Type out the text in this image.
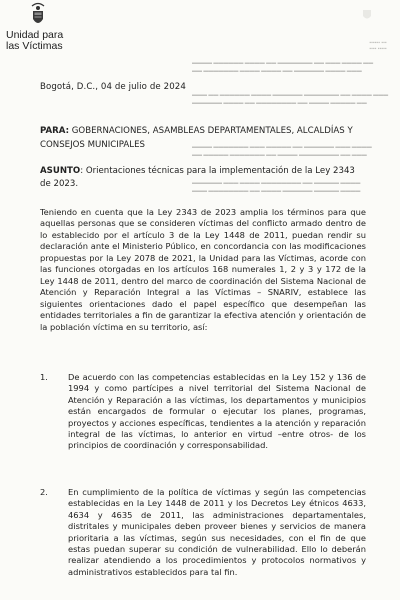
▪▪▪▪▪▪ ▪▪▪
▪▪▪▪ ▪▪▪▪▪
▬▬▬▬ ▬▬▬▬▬▬ ▬▬▬▬ ▬▬ ▬▬▬▬▬▬▬ ▬▬ ▬▬▬ ▬▬▬▬ ▬▬
▬▬ ▬▬▬▬▬▬▬ ▬▬▬▬ ▬▬▬▬ ▬▬ ▬▬▬▬▬▬ ▬▬▬▬ ▬▬▬
▬▬▬ ▬▬ ▬▬▬▬▬▬ ▬▬▬▬ ▬▬▬▬▬▬ ▬▬▬▬▬▬▬ ▬▬ ▬▬▬▬ ▬▬▬
▬▬▬▬▬▬ ▬▬▬▬ ▬▬ ▬▬▬▬▬▬▬▬ ▬▬ ▬▬▬▬ ▬▬▬▬▬ ▬▬
▬▬▬▬ ▬▬▬▬▬▬▬ ▬▬▬ ▬▬▬▬▬ ▬▬ ▬▬▬▬▬▬ ▬▬▬ ▬▬▬▬
▬▬ ▬▬▬▬▬ ▬▬▬▬▬▬▬ ▬▬ ▬▬▬▬ ▬▬▬▬▬▬▬▬ ▬▬ ▬▬▬
▬▬▬▬▬▬ ▬▬▬ ▬▬▬▬ ▬▬▬▬▬▬▬▬ ▬▬ ▬▬▬▬▬ ▬▬▬▬
▬▬▬ ▬▬▬▬▬▬▬▬ ▬▬ ▬▬▬▬ ▬▬▬▬▬▬ ▬▬▬▬▬ ▬▬▬▬
Unidad para
las Víctimas
Bogotá, D.C., 04 de julio de 2024
PARA: GOBERNACIONES, ASAMBLEAS DEPARTAMENTALES, ALCALDÍAS Y CONSEJOS MUNICIPALES
ASUNTO: Orientaciones técnicas para la implementación de la Ley 2343 de 2023.
Teniendo en cuenta que la Ley 2343 de 2023 amplia los términos para que aquellas personas que se consideren víctimas del conflicto armado dentro de lo establecido por el artículo 3 de la Ley 1448 de 2011, puedan rendir su declaración ante el Ministerio Público, en concordancia con las modificaciones propuestas por la Ley 2078 de 2021, la Unidad para las Víctimas, acorde con las funciones otorgadas en los artículos 168 numerales 1, 2 y 3 y 172 de la Ley 1448 de 2011, dentro del marco de coordinación del Sistema Nacional de Atención y Reparación Integral a las Víctimas – SNARIV, establece las siguientes orientaciones dado el papel específico que desempeñan las entidades territoriales a fin de garantizar la efectiva atención y orientación de la población víctima en su territorio, así:
1.	De acuerdo con las competencias establecidas en la Ley 152 y 136 de 1994 y como partícipes a nivel territorial del Sistema Nacional de Atención y Reparación a las víctimas, los departamentos y municipios están encargados de formular o ejecutar los planes, programas, proyectos y acciones específicas, tendientes a la atención y reparación integral de las víctimas, lo anterior en virtud –entre otros- de los principios de coordinación y corresponsabilidad.
2.	En cumplimiento de la política de víctimas y según las competencias establecidas en la Ley 1448 de 2011 y los Decretos Ley étnicos 4633, 4634 y 4635 de 2011, las administraciones departamentales, distritales y municipales deben proveer bienes y servicios de manera prioritaria a las víctimas, según sus necesidades, con el fin de que estas puedan superar su condición de vulnerabilidad. Ello lo deberán realizar atendiendo a los procedimientos y protocolos normativos y administrativos establecidos para tal fin.
